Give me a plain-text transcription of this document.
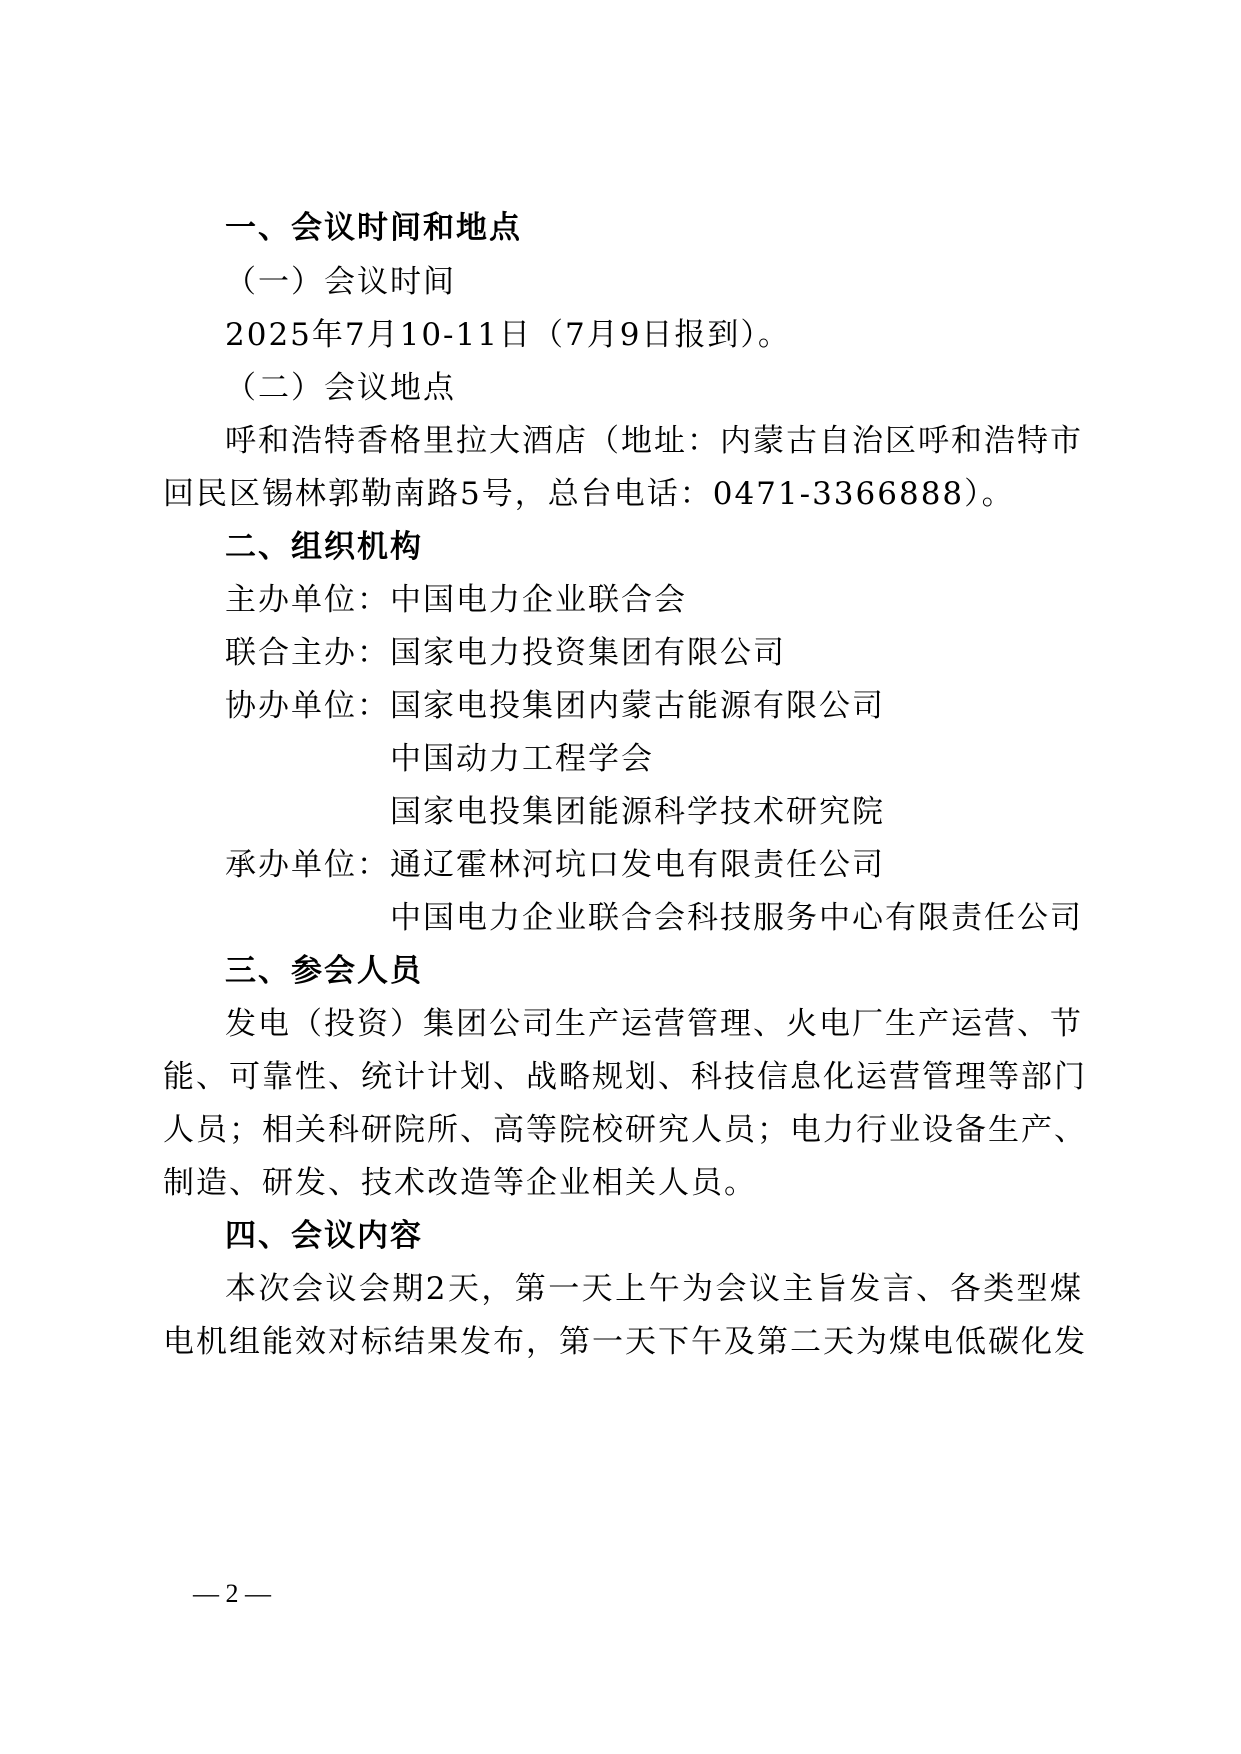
一、会议时间和地点
（一）会议时间
2025年7月10-11日（7月9日报到）。
（二）会议地点
呼和浩特香格里拉大酒店（地址：内蒙古自治区呼和浩特市
回民区锡林郭勒南路5号，总台电话：0471-3366888）。
二、组织机构
主办单位：中国电力企业联合会
联合主办：国家电力投资集团有限公司
协办单位：国家电投集团内蒙古能源有限公司
中国动力工程学会
国家电投集团能源科学技术研究院
承办单位：通辽霍林河坑口发电有限责任公司
中国电力企业联合会科技服务中心有限责任公司
三、参会人员
发电（投资）集团公司生产运营管理、火电厂生产运营、节
能、可靠性、统计计划、战略规划、科技信息化运营管理等部门
人员；相关科研院所、高等院校研究人员；电力行业设备生产、
制造、研发、技术改造等企业相关人员。
四、会议内容
本次会议会期2天，第一天上午为会议主旨发言、各类型煤
电机组能效对标结果发布，第一天下午及第二天为煤电低碳化发
— 2 —
